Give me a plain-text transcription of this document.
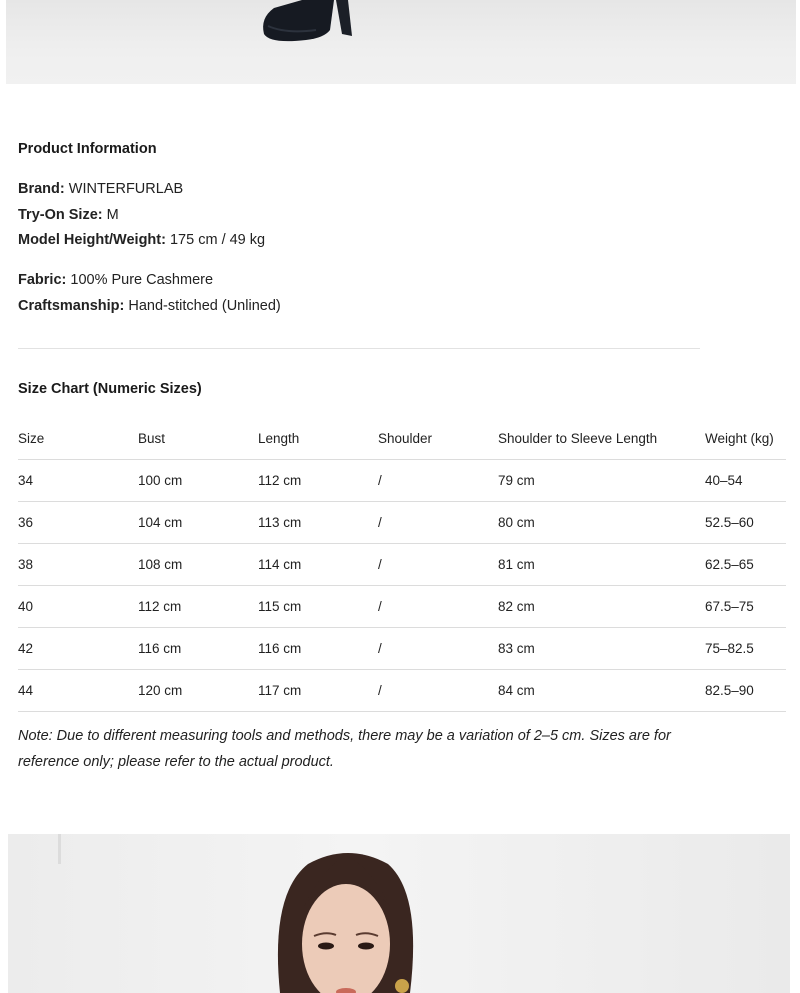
Product Information
Brand: WINTERFURLAB
Try-On Size: M
Model Height/Weight: 175 cm / 49 kg
Fabric: 100% Pure Cashmere
Craftsmanship: Hand-stitched (Unlined)
Size Chart (Numeric Sizes)
Size	Bust	Length	Shoulder	Shoulder to Sleeve Length	Weight (kg)
34	100 cm	112 cm	/	79 cm	40–54
36	104 cm	113 cm	/	80 cm	52.5–60
38	108 cm	114 cm	/	81 cm	62.5–65
40	112 cm	115 cm	/	82 cm	67.5–75
42	116 cm	116 cm	/	83 cm	75–82.5
44	120 cm	117 cm	/	84 cm	82.5–90
Note: Due to different measuring tools and methods, there may be a variation of 2–5 cm. Sizes are for reference only; please refer to the actual product.
